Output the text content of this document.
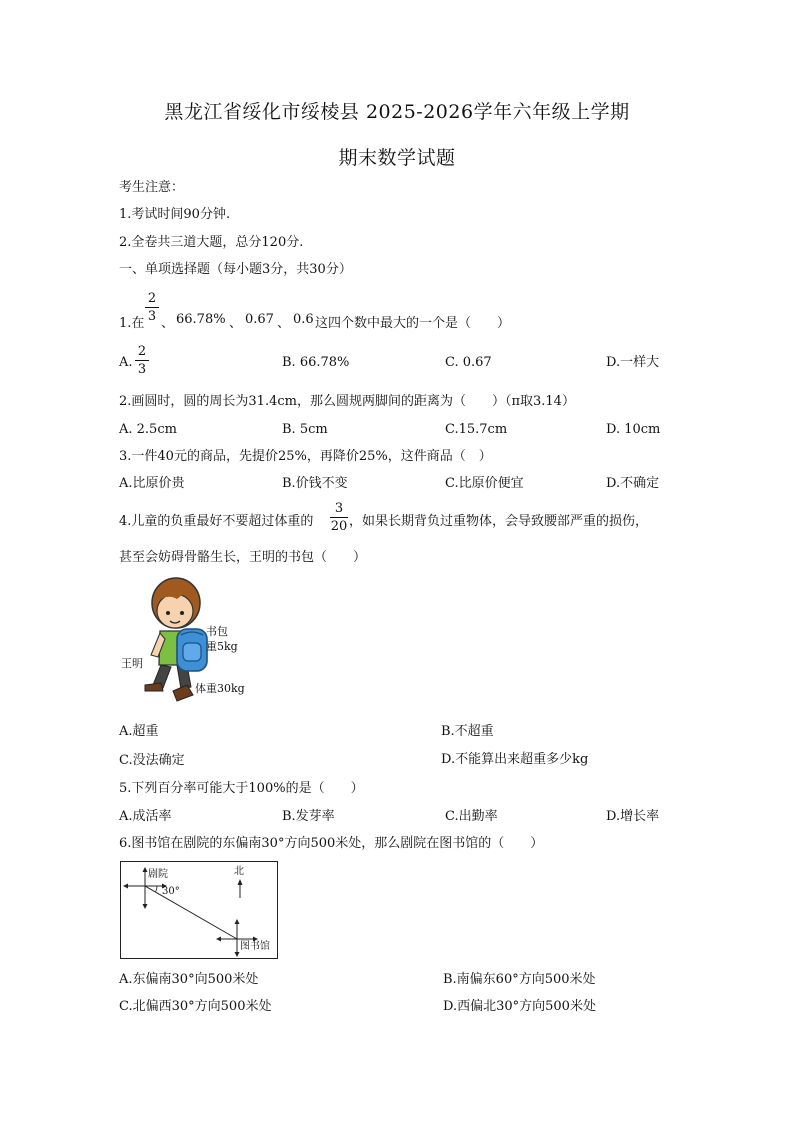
黑龙江省绥化市绥棱县 2025-2026学年六年级上学期
期末数学试题
考生注意：
1.考试时间90分钟.
2.全卷共三道大题，总分120分.
一、单项选择题（每小题3分，共30分）
1.在
2
3 、 66.78% 、 0.67 、 0.6 这四个数中最大的一个是（　　）
A.
2
3	B. 66.78%	C. 0.67	D.一样大
2.画圆时，圆的周长为31.4cm，那么圆规两脚间的距离为（　　）（π取3.14）
A. 2.5cm	B. 5cm	C.15.7cm	D. 10cm
3.一件40元的商品，先提价25%，再降价25%，这件商品（　）
A.比原价贵	B.价钱不变	C.比原价便宜	D.不确定
4.儿童的负重最好不要超过体重的
3
20 ，如果长期背负过重物体，会导致腰部严重的损伤，
甚至会妨碍骨骼生长，王明的书包（　　）
书包
重5kg
王明
体重30kg
A.超重	B.不超重
C.没法确定	D.不能算出来超重多少kg
5.下列百分率可能大于100%的是（　　）
A.成活率	B.发芽率	C.出勤率	D.增长率
6.图书馆在剧院的东偏南30°方向500米处，那么剧院在图书馆的（　　）
剧院
30°
北
图书馆
A.东偏南30°向500米处	B.南偏东60°方向500米处
C.北偏西30°方向500米处	D.西偏北30°方向500米处
